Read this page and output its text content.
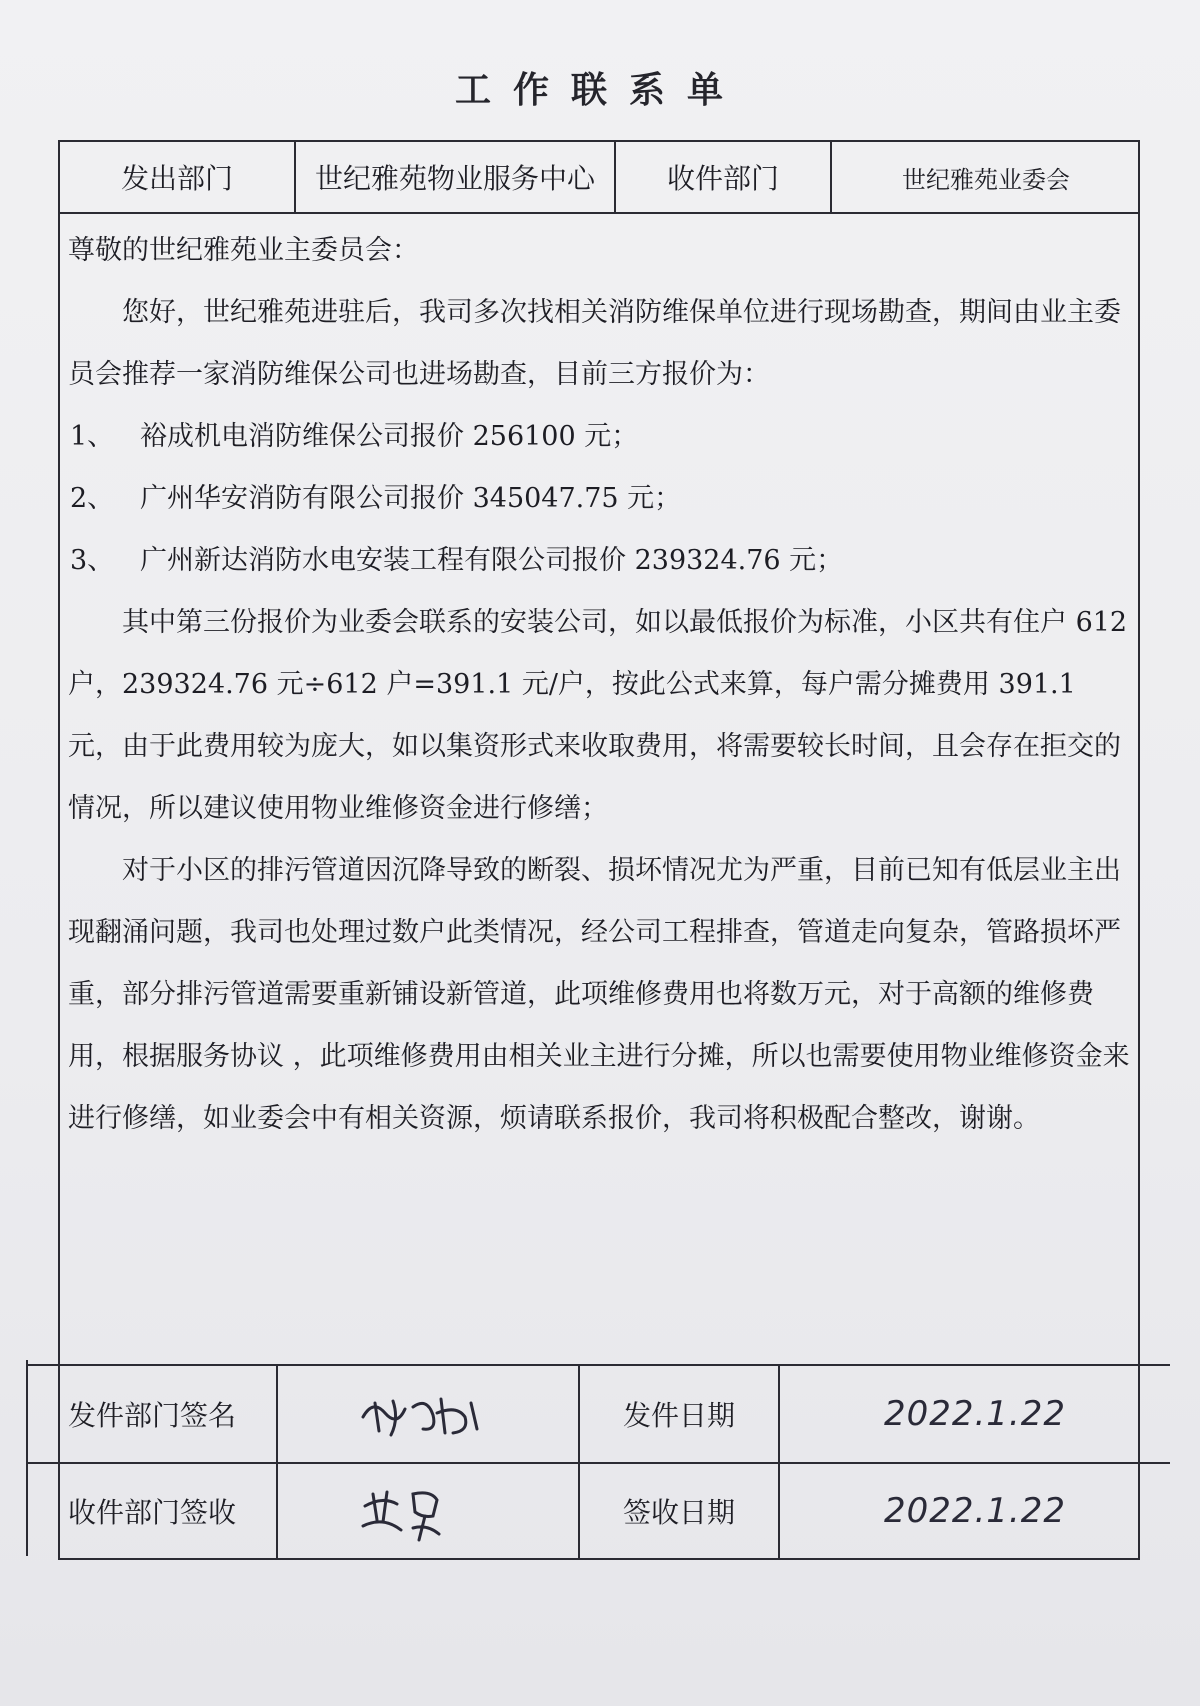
工作联系单
发出部门	世纪雅苑物业服务中心	收件部门	世纪雅苑业委会

尊敬的世纪雅苑业主委员会：

您好，世纪雅苑进驻后，我司多次找相关消防维保单位进行现场勘查，期间由业主委员会推荐一家消防维保公司也进场勘查，目前三方报价为：

1、 裕成机电消防维保公司报价 256100 元；
2、 广州华安消防有限公司报价 345047.75 元；
3、 广州新达消防水电安装工程有限公司报价 239324.76 元；

其中第三份报价为业委会联系的安装公司，如以最低报价为标准，小区共有住户 612 户，239324.76 元÷612 户=391.1 元/户，按此公式来算，每户需分摊费用 391.1 元，由于此费用较为庞大，如以集资形式来收取费用，将需要较长时间，且会存在拒交的情况，所以建议使用物业维修资金进行修缮；

对于小区的排污管道因沉降导致的断裂、损坏情况尤为严重，目前已知有低层业主出现翻涌问题，我司也处理过数户此类情况，经公司工程排查，管道走向复杂，管路损坏严重，部分排污管道需要重新铺设新管道，此项维修费用也将数万元，对于高额的维修费用，根据服务协议 ，此项维修费用由相关业主进行分摊，所以也需要使用物业维修资金来进行修缮，如业委会中有相关资源，烦请联系报价，我司将积极配合整改，谢谢。

发件部门签名	发件日期	2022.1.22
收件部门签收	签收日期	2022.1.22
